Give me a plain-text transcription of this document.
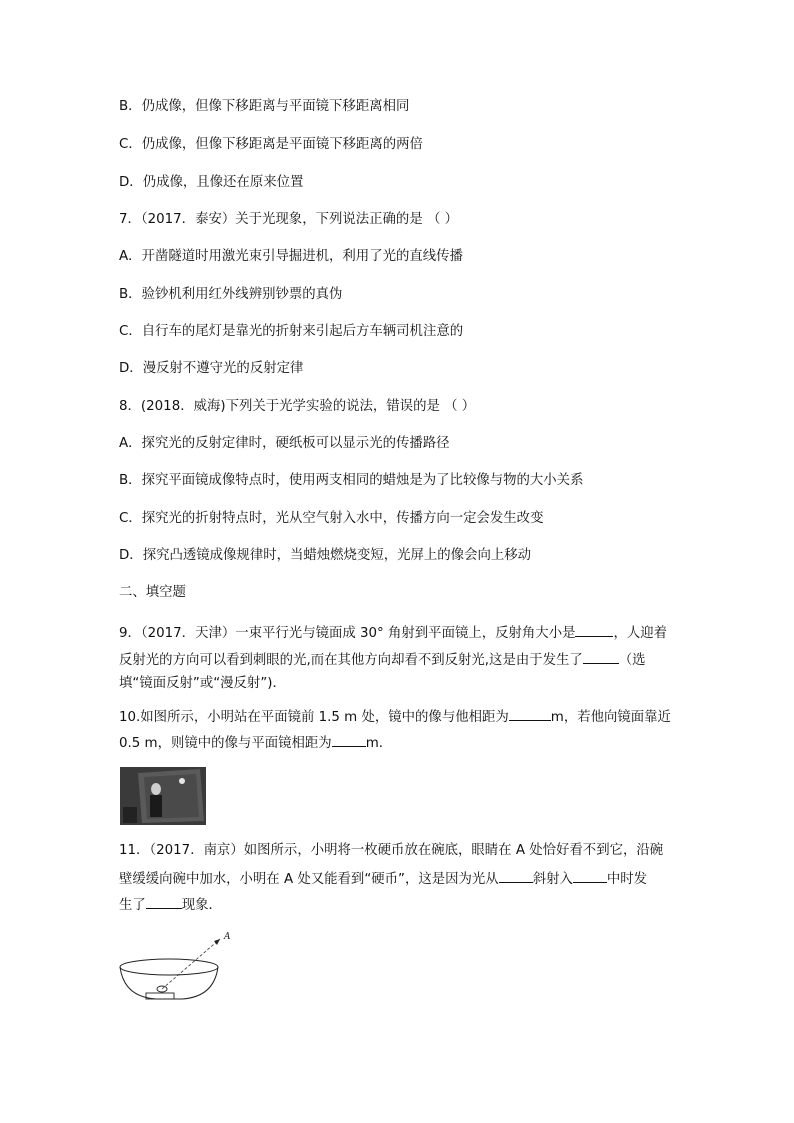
B．仍成像，但像下移距离与平面镜下移距离相同
C．仍成像，但像下移距离是平面镜下移距离的两倍
D．仍成像，且像还在原来位置
7．（2017．泰安）关于光现象，下列说法正确的是 （ ）
A．开凿隧道时用激光束引导掘进机，利用了光的直线传播
B．验钞机利用红外线辨别钞票的真伪
C．自行车的尾灯是靠光的折射来引起后方车辆司机注意的
D．漫反射不遵守光的反射定律
8．(2018．威海)下列关于光学实验的说法，错误的是 （ ）
A．探究光的反射定律时，硬纸板可以显示光的传播路径
B．探究平面镜成像特点时，使用两支相同的蜡烛是为了比较像与物的大小关系
C．探究光的折射特点时，光从空气射入水中，传播方向一定会发生改变
D．探究凸透镜成像规律时，当蜡烛燃烧变短，光屏上的像会向上移动
二、填空题
9．（2017．天津）一束平行光与镜面成 30° 角射到平面镜上，反射角大小是	，人迎着
反射光的方向可以看到刺眼的光,而在其他方向却看不到反射光,这是由于发生了	（选
填“镜面反射”或“漫反射”)．
10.如图所示，小明站在平面镜前 1.5 m 处，镜中的像与他相距为	m，若他向镜面靠近
0.5 m，则镜中的像与平面镜相距为	m.
11．（2017．南京）如图所示，小明将一枚硬币放在碗底，眼睛在 A 处恰好看不到它，沿碗
壁缓缓向碗中加水，小明在 A 处又能看到“硬币”，这是因为光从	斜射入	中时发
生了	现象．
A
